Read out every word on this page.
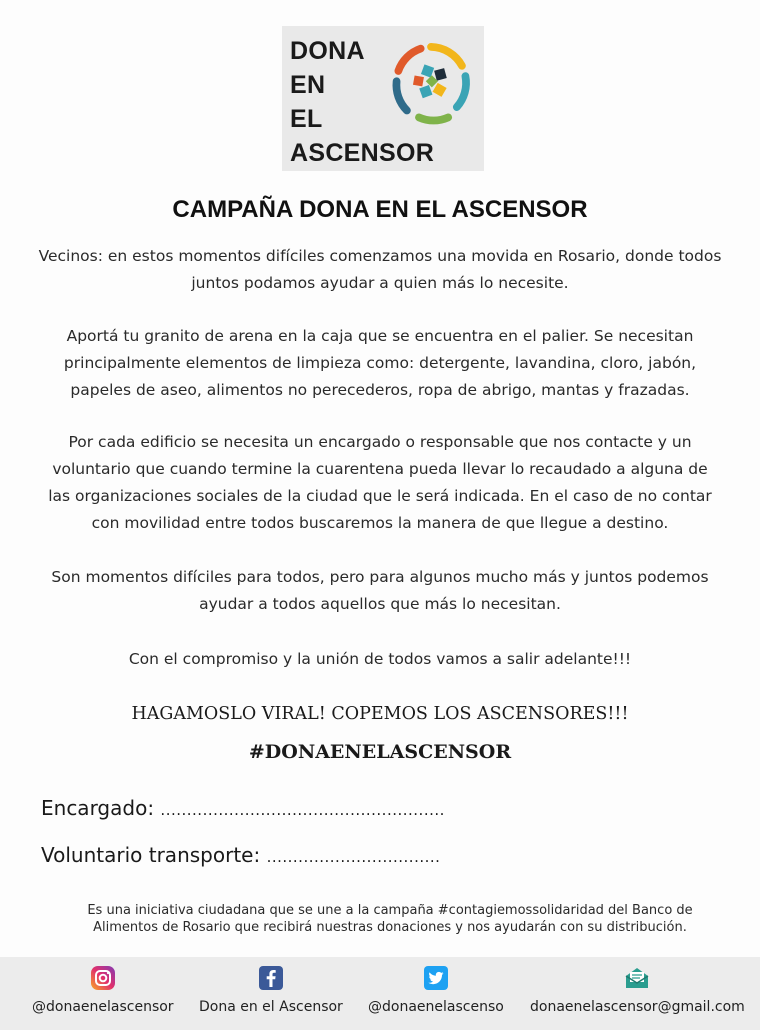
DONA
EN
EL
ASCENSOR
CAMPAÑA DONA EN EL ASCENSOR
Vecinos: en estos momentos difíciles comenzamos una movida en Rosario, donde todos
juntos podamos ayudar a quien más lo necesite.
Aportá tu granito de arena en la caja que se encuentra en el palier. Se necesitan
principalmente elementos de limpieza como: detergente, lavandina, cloro, jabón,
papeles de aseo, alimentos no perecederos, ropa de abrigo, mantas y frazadas.
Por cada edificio se necesita un encargado o responsable que nos contacte y un
voluntario que cuando termine la cuarentena pueda llevar lo recaudado a alguna de
las organizaciones sociales de la ciudad que le será indicada. En el caso de no contar
con movilidad entre todos buscaremos la manera de que llegue a destino.
Son momentos difíciles para todos, pero para algunos mucho más y juntos podemos
ayudar a todos aquellos que más lo necesitan.
Con el compromiso y la unión de todos vamos a salir adelante!!!
HAGAMOSLO VIRAL! COPEMOS LOS ASCENSORES!!!
#DONAENELASCENSOR
Encargado: ......................................................
Voluntario transporte: .................................
Es una iniciativa ciudadana que se une a la campaña #contagiemossolidaridad del Banco de
Alimentos de Rosario que recibirá nuestras donaciones y nos ayudarán con su distribución.
@donaenelascensor Dona en el Ascensor @donaenelascenso donaenelascensor@gmail.com
